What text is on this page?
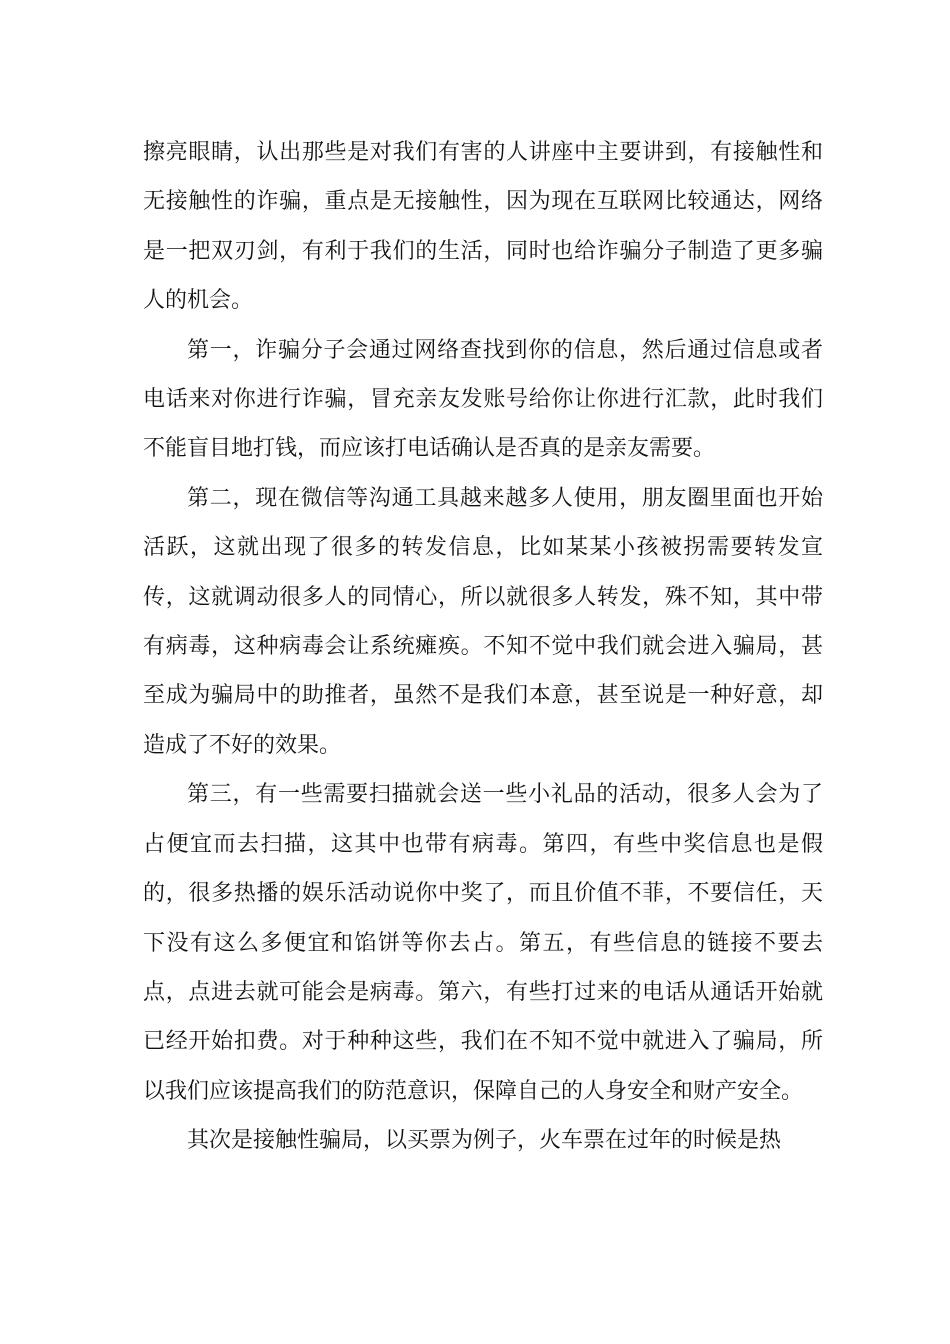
擦亮眼睛，认出那些是对我们有害的人讲座中主要讲到，有接触性和无接触性的诈骗，重点是无接触性，因为现在互联网比较通达，网络是一把双刃剑，有利于我们的生活，同时也给诈骗分子制造了更多骗人的机会。

第一，诈骗分子会通过网络查找到你的信息，然后通过信息或者电话来对你进行诈骗，冒充亲友发账号给你让你进行汇款，此时我们不能盲目地打钱，而应该打电话确认是否真的是亲友需要。

第二，现在微信等沟通工具越来越多人使用，朋友圈里面也开始活跃，这就出现了很多的转发信息，比如某某小孩被拐需要转发宣传，这就调动很多人的同情心，所以就很多人转发，殊不知，其中带有病毒，这种病毒会让系统瘫痪。不知不觉中我们就会进入骗局，甚至成为骗局中的助推者，虽然不是我们本意，甚至说是一种好意，却造成了不好的效果。

第三，有一些需要扫描就会送一些小礼品的活动，很多人会为了占便宜而去扫描，这其中也带有病毒。第四，有些中奖信息也是假的，很多热播的娱乐活动说你中奖了，而且价值不菲，不要信任，天下没有这么多便宜和馅饼等你去占。第五，有些信息的链接不要去点，点进去就可能会是病毒。第六，有些打过来的电话从通话开始就已经开始扣费。对于种种这些，我们在不知不觉中就进入了骗局，所以我们应该提高我们的防范意识，保障自己的人身安全和财产安全。

其次是接触性骗局，以买票为例子，火车票在过年的时候是热
